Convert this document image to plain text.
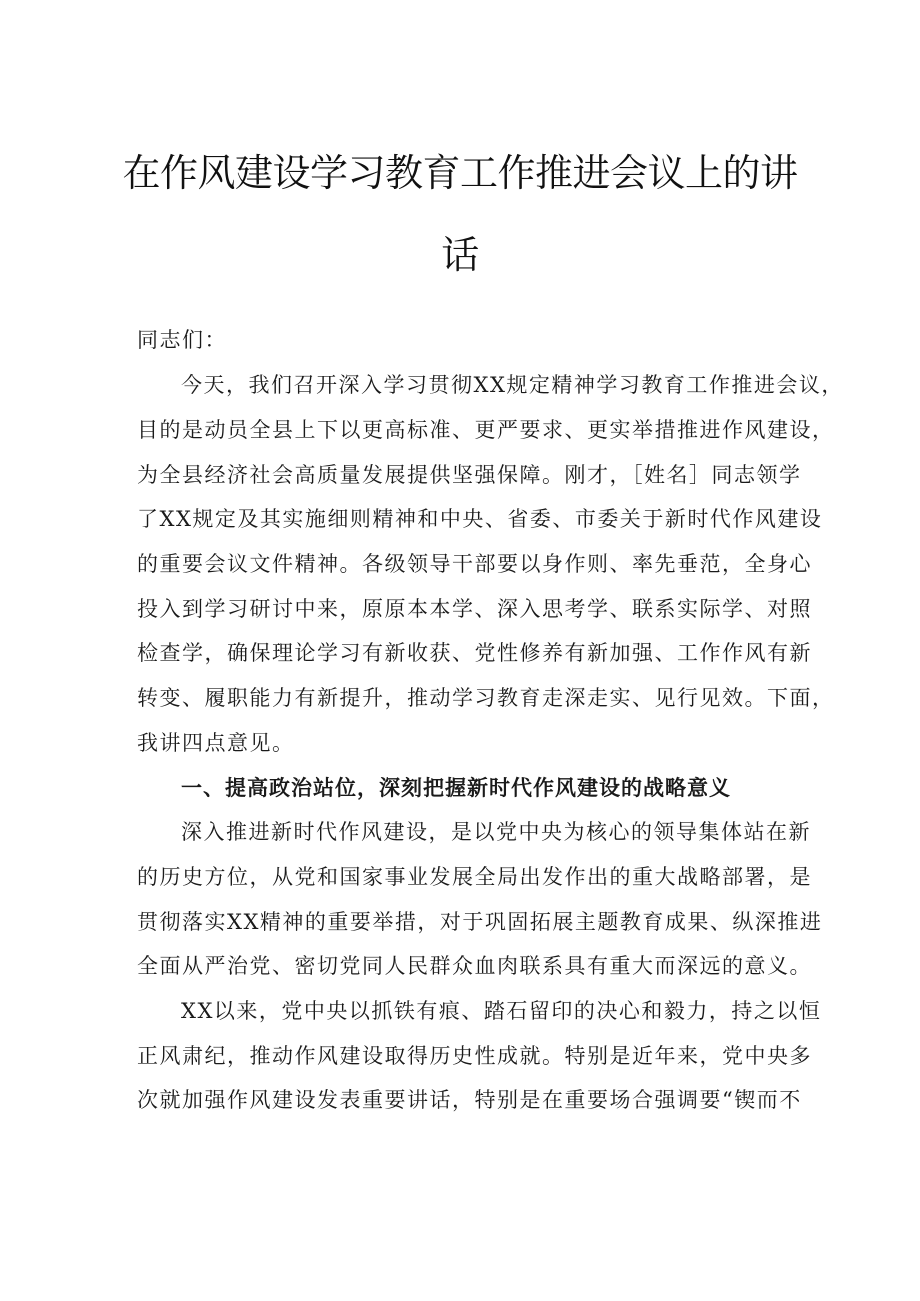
在作风建设学习教育工作推进会议上的讲
话

同志们：

今天，我们召开深入学习贯彻XX规定精神学习教育工作推进会议，

目的是动员全县上下以更高标准、更严要求、更实举措推进作风建设，

为全县经济社会高质量发展提供坚强保障。刚才，［姓名］同志领学

了XX规定及其实施细则精神和中央、省委、市委关于新时代作风建设

的重要会议文件精神。各级领导干部要以身作则、率先垂范，全身心

投入到学习研讨中来，原原本本学、深入思考学、联系实际学、对照

检查学，确保理论学习有新收获、党性修养有新加强、工作作风有新

转变、履职能力有新提升，推动学习教育走深走实、见行见效。下面，

我讲四点意见。

一、提高政治站位，深刻把握新时代作风建设的战略意义

深入推进新时代作风建设，是以党中央为核心的领导集体站在新

的历史方位，从党和国家事业发展全局出发作出的重大战略部署，是

贯彻落实XX精神的重要举措，对于巩固拓展主题教育成果、纵深推进

全面从严治党、密切党同人民群众血肉联系具有重大而深远的意义。

XX以来，党中央以抓铁有痕、踏石留印的决心和毅力，持之以恒

正风肃纪，推动作风建设取得历史性成就。特别是近年来，党中央多

次就加强作风建设发表重要讲话，特别是在重要场合强调要“锲而不
